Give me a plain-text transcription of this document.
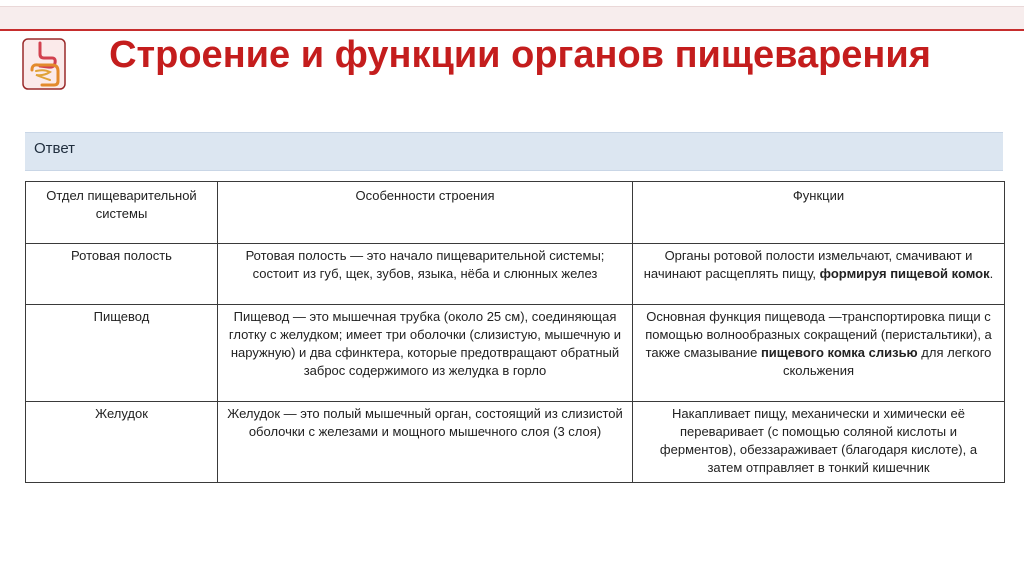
Строение и функции органов пищеварения
Ответ
Отдел пищеварительной системы	Особенности строения	Функции
Ротовая полость	Ротовая полость — это начало пищеварительной системы; состоит из губ, щек, зубов, языка, нёба и слюнных желез	Органы ротовой полости измельчают, смачивают и начинают расщеплять пищу, формируя пищевой комок.
Пищевод	Пищевод — это мышечная трубка (около 25 см), соединяющая глотку с желудком; имеет три оболочки (слизистую, мышечную и наружную) и два сфинктера, которые предотвращают обратный заброс содержимого из желудка в горло	Основная функция пищевода —транспортировка пищи с помощью волнообразных сокращений (перистальтики), а также смазывание пищевого комка слизью для легкого скольжения
Желудок	Желудок — это полый мышечный орган, состоящий из слизистой оболочки с железами и мощного мышечного слоя (3 слоя)	Накапливает пищу, механически и химически её переваривает (с помощью соляной кислоты и ферментов), обеззараживает (благодаря кислоте), а затем отправляет в тонкий кишечник
